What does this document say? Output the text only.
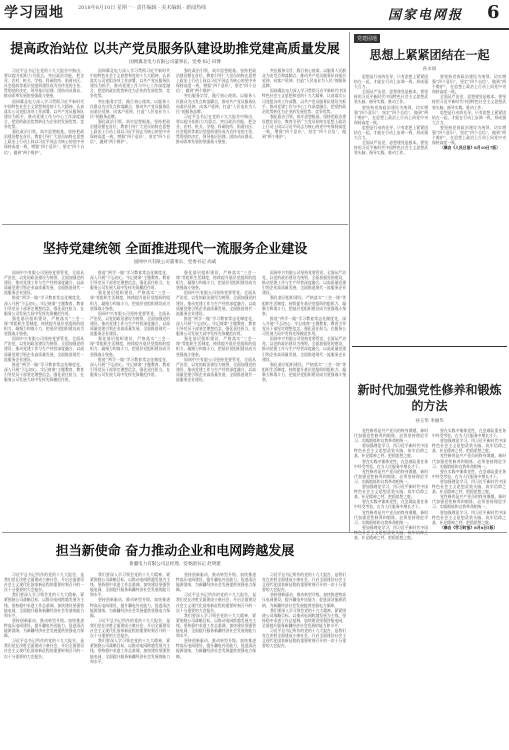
学习园地	2018年8月10日 星期一 · 责任编辑 · 美术编辑 · 新闻热线	国家电网报 6
提高政治站位 以共产党员服务队建设助推党建高质量发展
国网冀北电力有限公司董事长、党委书记 田博

习近平总书记在党的十九大报告中指出，要以提升组织力为重点，突出政治功能，把企业、农村、机关、学校、科研院所、街道社区、社会组织等基层党组织建设成为宣传党的主张、贯彻党的决定、领导基层治理、团结动员群众、推动改革发展的坚强战斗堡垒。

国网冀北电力深入学习贯彻习近平新时代中国特色社会主义思想和党的十九大精神，认真落实公司党组各项工作部署，以共产党员服务队建设为抓手，推动党建工作与中心工作深度融合，把党的政治优势转化为企业的发展优势、竞争优势。

强化政治引领，筑牢思想根基。坚持把政治建设摆在首位，教育引导广大党员始终在思想上政治上行动上同以习近平同志为核心的党中央保持高度一致，增强“四个意识”，坚定“四个自信”，做到“两个维护”。

国网冀北电力深入学习贯彻习近平新时代中国特色社会主义思想和党的十九大精神，认真落实公司党组各项工作部署，以共产党员服务队建设为抓手，推动党建工作与中心工作深度融合，把党的政治优势转化为企业的发展优势、竞争优势。

突出服务宗旨，践行初心使命。以服务人民群众为出发点和落脚点，推动共产党员服务队向基层延伸、向客户延伸，打造“人民电业为人民”的服务品牌。

强化政治引领，筑牢思想根基。坚持把政治建设摆在首位，教育引导广大党员始终在思想上政治上行动上同以习近平同志为核心的党中央保持高度一致，增强“四个意识”，坚定“四个自信”，做到“两个维护”。

强化政治引领，筑牢思想根基。坚持把政治建设摆在首位，教育引导广大党员始终在思想上政治上行动上同以习近平同志为核心的党中央保持高度一致，增强“四个意识”，坚定“四个自信”，做到“两个维护”。

突出服务宗旨，践行初心使命。以服务人民群众为出发点和落脚点，推动共产党员服务队向基层延伸、向客户延伸，打造“人民电业为人民”的服务品牌。

习近平总书记在党的十九大报告中指出，要以提升组织力为重点，突出政治功能，把企业、农村、机关、学校、科研院所、街道社区、社会组织等基层党组织建设成为宣传党的主张、贯彻党的决定、领导基层治理、团结动员群众、推动改革发展的坚强战斗堡垒。

突出服务宗旨，践行初心使命。以服务人民群众为出发点和落脚点，推动共产党员服务队向基层延伸、向客户延伸，打造“人民电业为人民”的服务品牌。

国网冀北电力深入学习贯彻习近平新时代中国特色社会主义思想和党的十九大精神，认真落实公司党组各项工作部署，以共产党员服务队建设为抓手，推动党建工作与中心工作深度融合，把党的政治优势转化为企业的发展优势、竞争优势。

强化政治引领，筑牢思想根基。坚持把政治建设摆在首位，教育引导广大党员始终在思想上政治上行动上同以习近平同志为核心的党中央保持高度一致，增强“四个意识”，坚定“四个自信”，做到“两个维护”。

坚持党建统领 全面推进现代一流服务企业建设
国网中兴有限公司董事长、党委书记 高威

国网中兴有限公司坚持党要管党、全面从严治党，以党的政治建设为统领，全面加强党的建设，推动党建工作与生产经营深度融合，以高质量党建引领企业高质量发展，全面推进现代一流服务企业建设。

推进“两学一做”学习教育常态化制度化，深入开展“不忘初心、牢记使命”主题教育，教育引导党员干部坚定理想信念，强化责任担当，在服务公司发展大局中发挥先锋模范作用。

强化基层组织建设，严格落实“三会一课”等组织生活制度，持续提升基层党组织的组织力、凝聚力和战斗力，把基层党组织建设成为坚强战斗堡垒。

国网中兴有限公司坚持党要管党、全面从严治党，以党的政治建设为统领，全面加强党的建设，推动党建工作与生产经营深度融合，以高质量党建引领企业高质量发展，全面推进现代一流服务企业建设。

推进“两学一做”学习教育常态化制度化，深入开展“不忘初心、牢记使命”主题教育，教育引导党员干部坚定理想信念，强化责任担当，在服务公司发展大局中发挥先锋模范作用。

推进“两学一做”学习教育常态化制度化，深入开展“不忘初心、牢记使命”主题教育，教育引导党员干部坚定理想信念，强化责任担当，在服务公司发展大局中发挥先锋模范作用。

强化基层组织建设，严格落实“三会一课”等组织生活制度，持续提升基层党组织的组织力、凝聚力和战斗力，把基层党组织建设成为坚强战斗堡垒。

国网中兴有限公司坚持党要管党、全面从严治党，以党的政治建设为统领，全面加强党的建设，推动党建工作与生产经营深度融合，以高质量党建引领企业高质量发展，全面推进现代一流服务企业建设。

强化基层组织建设，严格落实“三会一课”等组织生活制度，持续提升基层党组织的组织力、凝聚力和战斗力，把基层党组织建设成为坚强战斗堡垒。

推进“两学一做”学习教育常态化制度化，深入开展“不忘初心、牢记使命”主题教育，教育引导党员干部坚定理想信念，强化责任担当，在服务公司发展大局中发挥先锋模范作用。

强化基层组织建设，严格落实“三会一课”等组织生活制度，持续提升基层党组织的组织力、凝聚力和战斗力，把基层党组织建设成为坚强战斗堡垒。

国网中兴有限公司坚持党要管党、全面从严治党，以党的政治建设为统领，全面加强党的建设，推动党建工作与生产经营深度融合，以高质量党建引领企业高质量发展，全面推进现代一流服务企业建设。

推进“两学一做”学习教育常态化制度化，深入开展“不忘初心、牢记使命”主题教育，教育引导党员干部坚定理想信念，强化责任担当，在服务公司发展大局中发挥先锋模范作用。

强化基层组织建设，严格落实“三会一课”等组织生活制度，持续提升基层党组织的组织力、凝聚力和战斗力，把基层党组织建设成为坚强战斗堡垒。

国网中兴有限公司坚持党要管党、全面从严治党，以党的政治建设为统领，全面加强党的建设，推动党建工作与生产经营深度融合，以高质量党建引领企业高质量发展，全面推进现代一流服务企业建设。

国网中兴有限公司坚持党要管党、全面从严治党，以党的政治建设为统领，全面加强党的建设，推动党建工作与生产经营深度融合，以高质量党建引领企业高质量发展，全面推进现代一流服务企业建设。

强化基层组织建设，严格落实“三会一课”等组织生活制度，持续提升基层党组织的组织力、凝聚力和战斗力，把基层党组织建设成为坚强战斗堡垒。

推进“两学一做”学习教育常态化制度化，深入开展“不忘初心、牢记使命”主题教育，教育引导党员干部坚定理想信念，强化责任担当，在服务公司发展大局中发挥先锋模范作用。

国网中兴有限公司坚持党要管党、全面从严治党，以党的政治建设为统领，全面加强党的建设，推动党建工作与生产经营深度融合，以高质量党建引领企业高质量发展，全面推进现代一流服务企业建设。

强化基层组织建设，严格落实“三会一课”等组织生活制度，持续提升基层党组织的组织力、凝聚力和战斗力，把基层党组织建设成为坚强战斗堡垒。

党建园地
思想上紧紧团结在一起
孙永斌

思想是行动的先导。只有思想上紧紧团结在一起，才能在行动上步调一致，形成强大合力。

全面从严治党，思想建党是根本。要坚持用习近平新时代中国特色社会主义思想武装头脑、指导实践、推动工作。

要坚持党的政治建设为统领，切实增强“四个意识”，坚定“四个自信”，做到“两个维护”，在思想上政治上行动上同党中央保持高度一致。

思想是行动的先导。只有思想上紧紧团结在一起，才能在行动上步调一致，形成强大合力。

全面从严治党，思想建党是根本。要坚持用习近平新时代中国特色社会主义思想武装头脑、指导实践、推动工作。

要坚持党的政治建设为统领，切实增强“四个意识”，坚定“四个自信”，做到“两个维护”，在思想上政治上行动上同党中央保持高度一致。

全面从严治党，思想建党是根本。要坚持用习近平新时代中国特色社会主义思想武装头脑、指导实践、推动工作。

思想是行动的先导。只有思想上紧紧团结在一起，才能在行动上步调一致，形成强大合力。

要坚持党的政治建设为统领，切实增强“四个意识”，坚定“四个自信”，做到“两个维护”，在思想上政治上行动上同党中央保持高度一致。

（摘自《人民日报》8月10日7版）

新时代加强党性修养和锻炼的方法
孙玉华 李丽华

党性修养是共产党员的终身课题。新时代加强党性修养和锻炼，必须坚持理论学习、实践锻炼和自我革命相统一。

要加强理论学习，用习近平新时代中国特色社会主义思想武装头脑，筑牢信仰之基、补足精神之钙、把稳思想之舵。

要在实践中锤炼党性，在急难险重任务中经受考验，在为人民服务中增长才干。

党性修养是共产党员的终身课题。新时代加强党性修养和锻炼，必须坚持理论学习、实践锻炼和自我革命相统一。

要加强理论学习，用习近平新时代中国特色社会主义思想武装头脑，筑牢信仰之基、补足精神之钙、把稳思想之舵。

要在实践中锤炼党性，在急难险重任务中经受考验，在为人民服务中增长才干。

党性修养是共产党员的终身课题。新时代加强党性修养和锻炼，必须坚持理论学习、实践锻炼和自我革命相统一。

要加强理论学习，用习近平新时代中国特色社会主义思想武装头脑，筑牢信仰之基、补足精神之钙、把稳思想之舵。

要在实践中锤炼党性，在急难险重任务中经受考验，在为人民服务中增长才干。

要加强理论学习，用习近平新时代中国特色社会主义思想武装头脑，筑牢信仰之基、补足精神之钙、把稳思想之舵。

党性修养是共产党员的终身课题。新时代加强党性修养和锻炼，必须坚持理论学习、实践锻炼和自我革命相统一。

要在实践中锤炼党性，在急难险重任务中经受考验，在为人民服务中增长才干。

要加强理论学习，用习近平新时代中国特色社会主义思想武装头脑，筑牢信仰之基、补足精神之钙、把稳思想之舵。

党性修养是共产党员的终身课题。新时代加强党性修养和锻炼，必须坚持理论学习、实践锻炼和自我革命相统一。

要加强理论学习，用习近平新时代中国特色社会主义思想武装头脑，筑牢信仰之基、补足精神之钙、把稳思想之舵。

（摘自《学习时报》8月6日5版）

担当新使命 奋力推动企业和电网跨越发展
新疆电力有限公司总经理、党委副书记 赵明建

习近平总书记所作的党的十九大报告，是我们党在决胜全面建成小康社会、开启全面建设社会主义现代化国家新征程的重要时刻召开的一次十分重要的大会报告。

我们要深入学习领会党的十九大精神，紧紧围绕公司战略目标，以推动电网跨越发展为主线，坚持稳中求进工作总基调，加快建设坚强智能电网，全面提升服务新疆经济社会发展的能力和水平。

坚持创新驱动，推动转型升级。加快推进特高压电网建设，提升疆电外送能力，促进清洁能源消纳，为新疆经济社会发展提供坚强电力保障。

习近平总书记所作的党的十九大报告，是我们党在决胜全面建成小康社会、开启全面建设社会主义现代化国家新征程的重要时刻召开的一次十分重要的大会报告。

我们要深入学习领会党的十九大精神，紧紧围绕公司战略目标，以推动电网跨越发展为主线，坚持稳中求进工作总基调，加快建设坚强智能电网，全面提升服务新疆经济社会发展的能力和水平。

坚持创新驱动，推动转型升级。加快推进特高压电网建设，提升疆电外送能力，促进清洁能源消纳，为新疆经济社会发展提供坚强电力保障。

习近平总书记所作的党的十九大报告，是我们党在决胜全面建成小康社会、开启全面建设社会主义现代化国家新征程的重要时刻召开的一次十分重要的大会报告。

我们要深入学习领会党的十九大精神，紧紧围绕公司战略目标，以推动电网跨越发展为主线，坚持稳中求进工作总基调，加快建设坚强智能电网，全面提升服务新疆经济社会发展的能力和水平。

坚持创新驱动，推动转型升级。加快推进特高压电网建设，提升疆电外送能力，促进清洁能源消纳，为新疆经济社会发展提供坚强电力保障。

习近平总书记所作的党的十九大报告，是我们党在决胜全面建成小康社会、开启全面建设社会主义现代化国家新征程的重要时刻召开的一次十分重要的大会报告。

我们要深入学习领会党的十九大精神，紧紧围绕公司战略目标，以推动电网跨越发展为主线，坚持稳中求进工作总基调，加快建设坚强智能电网，全面提升服务新疆经济社会发展的能力和水平。

坚持创新驱动，推动转型升级。加快推进特高压电网建设，提升疆电外送能力，促进清洁能源消纳，为新疆经济社会发展提供坚强电力保障。

习近平总书记所作的党的十九大报告，是我们党在决胜全面建成小康社会、开启全面建设社会主义现代化国家新征程的重要时刻召开的一次十分重要的大会报告。

坚持创新驱动，推动转型升级。加快推进特高压电网建设，提升疆电外送能力，促进清洁能源消纳，为新疆经济社会发展提供坚强电力保障。

我们要深入学习领会党的十九大精神，紧紧围绕公司战略目标，以推动电网跨越发展为主线，坚持稳中求进工作总基调，加快建设坚强智能电网，全面提升服务新疆经济社会发展的能力和水平。

习近平总书记所作的党的十九大报告，是我们党在决胜全面建成小康社会、开启全面建设社会主义现代化国家新征程的重要时刻召开的一次十分重要的大会报告。
